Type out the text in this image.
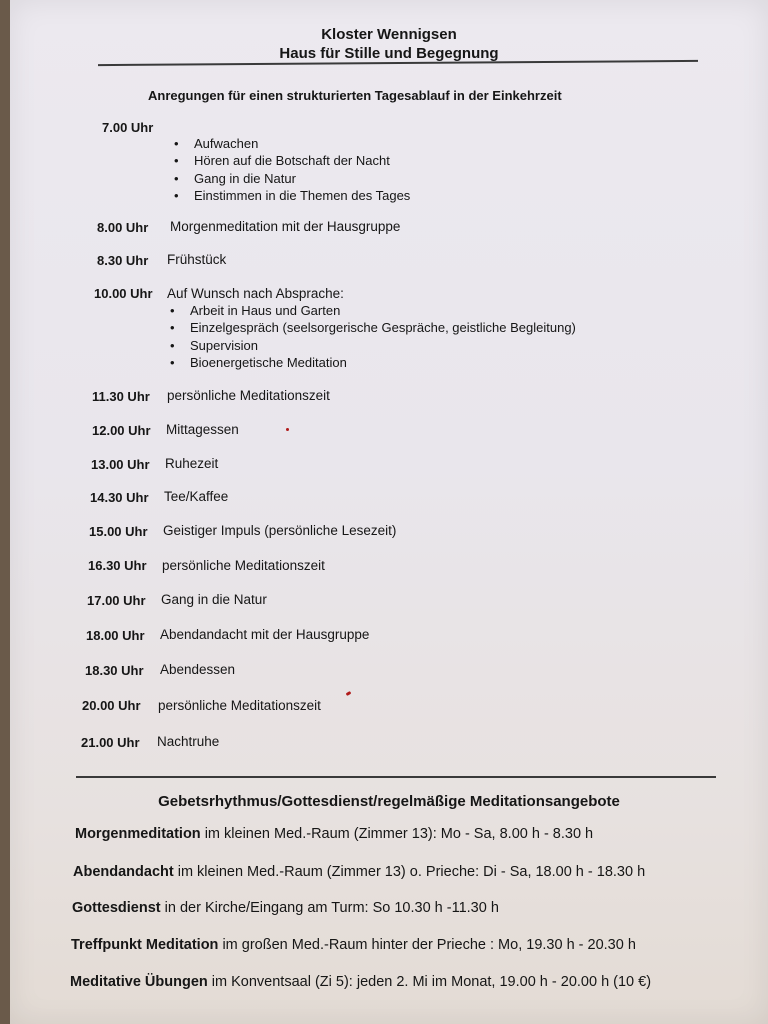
Kloster Wennigsen
Haus für Stille und Begegnung
Anregungen für einen strukturierten Tagesablauf in der Einkehrzeit
7.00 Uhr
• Aufwachen
• Hören auf die Botschaft der Nacht
• Gang in die Natur
• Einstimmen in die Themen des Tages
8.00 Uhr Morgenmeditation mit der Hausgruppe
8.30 Uhr Frühstück
10.00 Uhr Auf Wunsch nach Absprache:
• Arbeit in Haus und Garten
• Einzelgespräch (seelsorgerische Gespräche, geistliche Begleitung)
• Supervision
• Bioenergetische Meditation
11.30 Uhr persönliche Meditationszeit
12.00 Uhr Mittagessen
13.00 Uhr Ruhezeit
14.30 Uhr Tee/Kaffee
15.00 Uhr Geistiger Impuls (persönliche Lesezeit)
16.30 Uhr persönliche Meditationszeit
17.00 Uhr Gang in die Natur
18.00 Uhr Abendandacht mit der Hausgruppe
18.30 Uhr Abendessen
20.00 Uhr persönliche Meditationszeit
21.00 Uhr Nachtruhe
Gebetsrhythmus/Gottesdienst/regelmäßige Meditationsangebote
Morgenmeditation im kleinen Med.-Raum (Zimmer 13): Mo - Sa, 8.00 h - 8.30 h
Abendandacht im kleinen Med.-Raum (Zimmer 13) o. Prieche: Di - Sa, 18.00 h - 18.30 h
Gottesdienst in der Kirche/Eingang am Turm: So 10.30 h -11.30 h
Treffpunkt Meditation im großen Med.-Raum hinter der Prieche : Mo, 19.30 h - 20.30 h
Meditative Übungen im Konventsaal (Zi 5): jeden 2. Mi im Monat, 19.00 h - 20.00 h (10 €)
